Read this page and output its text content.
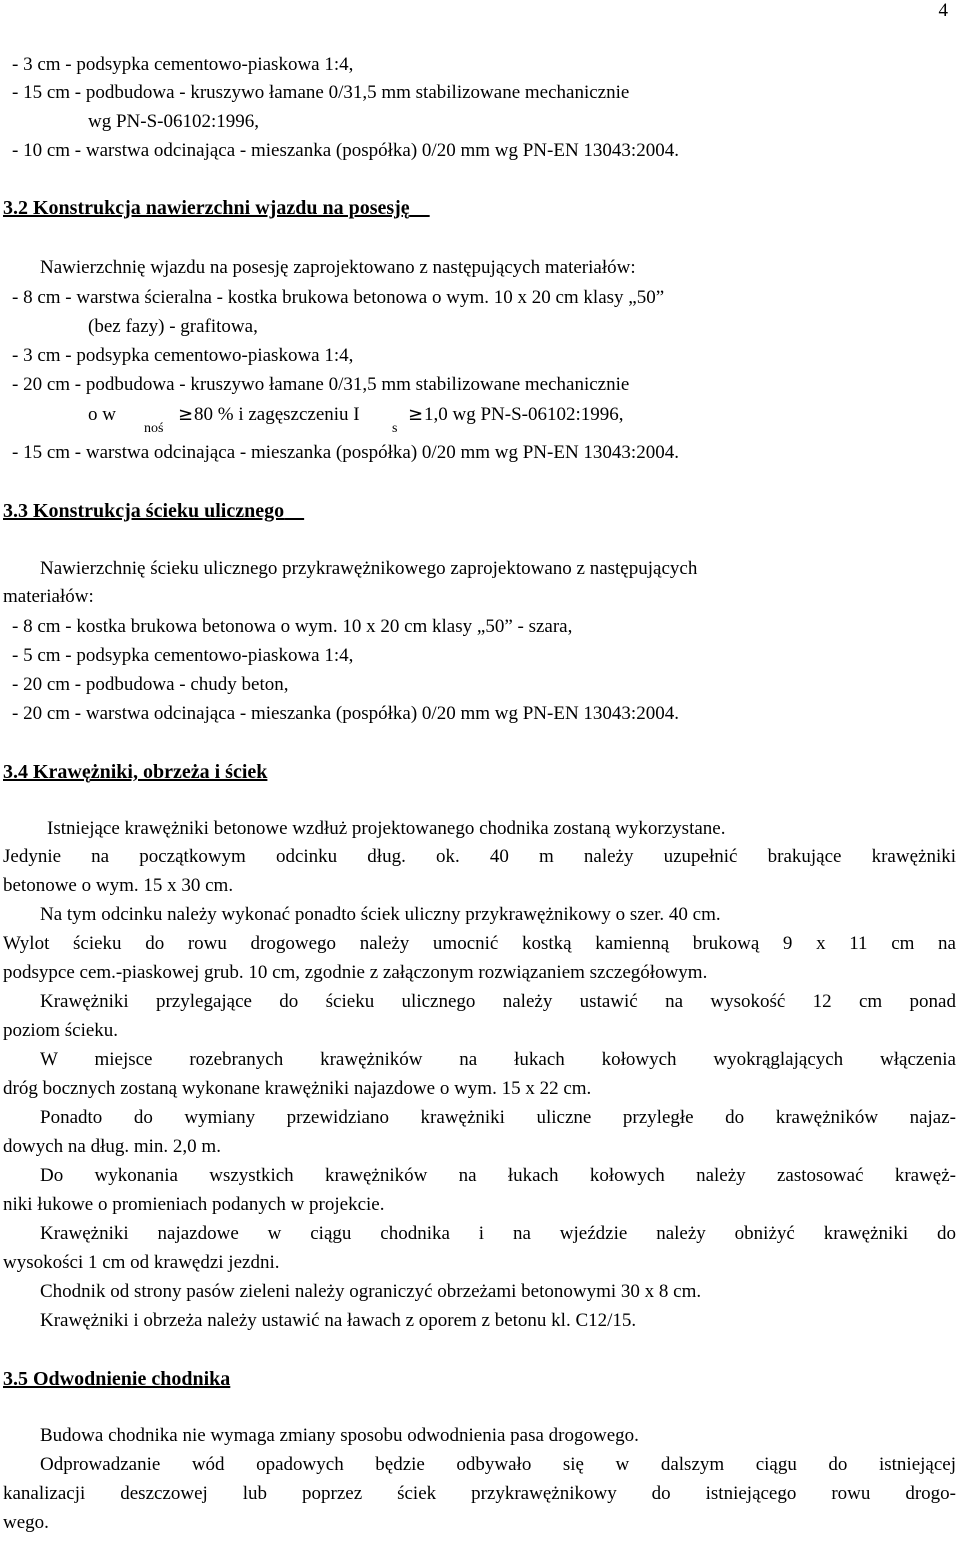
4
- 3 cm - podsypka cementowo-piaskowa 1:4,
- 15 cm - podbudowa - kruszywo łamane 0/31,5 mm stabilizowane mechanicznie
wg PN-S-06102:1996,
- 10 cm - warstwa odcinająca - mieszanka (pospółka) 0/20 mm wg PN-EN 13043:2004.
3.2 Konstrukcja nawierzchni wjazdu na posesję
Nawierzchnię wjazdu na posesję zaprojektowano z następujących materiałów:
- 8 cm - warstwa ścieralna - kostka brukowa betonowa o wym. 10 x 20 cm klasy „50”
(bez fazy) - grafitowa,
- 3 cm - podsypka cementowo-piaskowa 1:4,
- 20 cm - podbudowa - kruszywo łamane 0/31,5 mm stabilizowane mechanicznie
o w
noś
≥ 80 % i zagęszczeniu I
s
≥ 1,0 wg PN-S-06102:1996,
- 15 cm - warstwa odcinająca - mieszanka (pospółka) 0/20 mm wg PN-EN 13043:2004.
3.3 Konstrukcja ścieku ulicznego
Nawierzchnię ścieku ulicznego przykrawężnikowego zaprojektowano z następujących
materiałów:
- 8 cm - kostka brukowa betonowa o wym. 10 x 20 cm klasy „50” - szara,
- 5 cm - podsypka cementowo-piaskowa 1:4,
- 20 cm - podbudowa - chudy beton,
- 20 cm - warstwa odcinająca - mieszanka (pospółka) 0/20 mm wg PN-EN 13043:2004.
3.4 Krawężniki, obrzeża i ściek
Istniejące krawężniki betonowe wzdłuż projektowanego chodnika zostaną wykorzystane.
Jedynie na początkowym odcinku dług. ok. 40 m należy uzupełnić brakujące krawężniki
betonowe o wym. 15 x 30 cm.
Na tym odcinku należy wykonać ponadto ściek uliczny przykrawężnikowy o szer. 40 cm.
Wylot ścieku do rowu drogowego należy umocnić kostką kamienną brukową 9 x 11 cm na
podsypce cem.-piaskowej grub. 10 cm, zgodnie z załączonym rozwiązaniem szczegółowym.
Krawężniki przylegające do ścieku ulicznego należy ustawić na wysokość 12 cm ponad
poziom ścieku.
W miejsce rozebranych krawężników na łukach kołowych wyokrąglających włączenia
dróg bocznych zostaną wykonane krawężniki najazdowe o wym. 15 x 22 cm.
Ponadto do wymiany przewidziano krawężniki uliczne przyległe do krawężników najaz-
dowych na dług. min. 2,0 m.
Do wykonania wszystkich krawężników na łukach kołowych należy zastosować krawęż-
niki łukowe o promieniach podanych w projekcie.
Krawężniki najazdowe w ciągu chodnika i na wjeździe należy obniżyć krawężniki do
wysokości 1 cm od krawędzi jezdni.
Chodnik od strony pasów zieleni należy ograniczyć obrzeżami betonowymi 30 x 8 cm.
Krawężniki i obrzeża należy ustawić na ławach z oporem z betonu kl. C12/15.
3.5 Odwodnienie chodnika
Budowa chodnika nie wymaga zmiany sposobu odwodnienia pasa drogowego.
Odprowadzanie wód opadowych będzie odbywało się w dalszym ciągu do istniejącej
kanalizacji deszczowej lub poprzez ściek przykrawężnikowy do istniejącego rowu drogo-
wego.
